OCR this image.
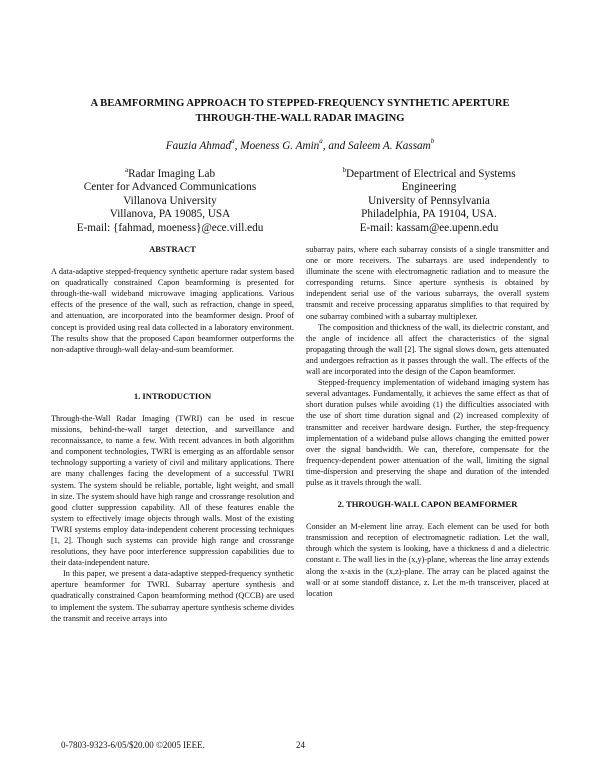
A BEAMFORMING APPROACH TO STEPPED-FREQUENCY SYNTHETIC APERTURE
THROUGH-THE-WALL RADAR IMAGING
Fauzia Ahmad$^a$, Moeness G. Amin$^a$, and Saleem A. Kassam$^b$
$^a$Radar Imaging Lab
Center for Advanced Communications
Villanova University
Villanova, PA 19085, USA
E-mail: {fahmad, moeness}@ece.vill.edu
$^b$Department of Electrical and Systems
Engineering
University of Pennsylvania
Philadelphia, PA 19104, USA.
E-mail: kassam@ee.upenn.edu
ABSTRACT

A data-adaptive stepped-frequency synthetic aperture radar system based on quadratically constrained Capon beamforming is presented for through-the-wall wideband microwave imaging applications. Various effects of the presence of the wall, such as refraction, change in speed, and attenuation, are incorporated into the beamformer design. Proof of concept is provided using real data collected in a laboratory environment. The results show that the proposed Capon beamformer outperforms the non-adaptive through-wall delay-and-sum beamformer.

1. INTRODUCTION

Through-the-Wall Radar Imaging (TWRI) can be used in rescue missions, behind-the-wall target detection, and surveillance and reconnaissance, to name a few. With recent advances in both algorithm and component technologies, TWRI is emerging as an affordable sensor technology supporting a variety of civil and military applications. There are many challenges facing the development of a successful TWRI system. The system should be reliable, portable, light weight, and small in size. The system should have high range and crossrange resolution and good clutter suppression capability. All of these features enable the system to effectively image objects through walls. Most of the existing TWRI systems employ data-independent coherent processing techniques [1, 2]. Though such systems can provide high range and crossrange resolutions, they have poor interference suppression capabilities due to their data-independent nature.

In this paper, we present a data-adaptive stepped-frequency synthetic aperture beamformer for TWRI. Subarray aperture synthesis and quadratically constrained Capon beamforming method (QCCB) are used to implement the system. The subarray aperture synthesis scheme divides the transmit and receive arrays into

subarray pairs, where each subarray consists of a single transmitter and one or more receivers. The subarrays are used independently to illuminate the scene with electromagnetic radiation and to measure the corresponding returns. Since aperture synthesis is obtained by independent serial use of the various subarrays, the overall system transmit and receive processing apparatus simplifies to that required by one subarray combined with a subarray multiplexer.

The composition and thickness of the wall, its dielectric constant, and the angle of incidence all affect the characteristics of the signal propagating through the wall [2]. The signal slows down, gets attenuated and undergoes refraction as it passes through the wall. The effects of the wall are incorporated into the design of the Capon beamformer.

Stepped-frequency implementation of wideband imaging system has several advantages. Fundamentally, it achieves the same effect as that of short duration pulses while avoiding (1) the difficulties associated with the use of short time duration signal and (2) increased complexity of transmitter and receiver hardware design. Further, the step-frequency implementation of a wideband pulse allows changing the emitted power over the signal bandwidth. We can, therefore, compensate for the frequency-dependent power attenuation of the wall, limiting the signal time-dispersion and preserving the shape and duration of the intended pulse as it travels through the wall.

2. THROUGH-WALL CAPON BEAMFORMER

Consider an M-element line array. Each element can be used for both transmission and reception of electromagnetic radiation. Let the wall, through which the system is looking, have a thickness d and a dielectric constant ε. The wall lies in the (x,y)-plane, whereas the line array extends along the x-axis in the (x,z)-plane. The array can be placed against the wall or at some standoff distance, z. Let the m-th transceiver, placed at location

0-7803-9323-6/05/$20.00 ©2005 IEEE.	24
